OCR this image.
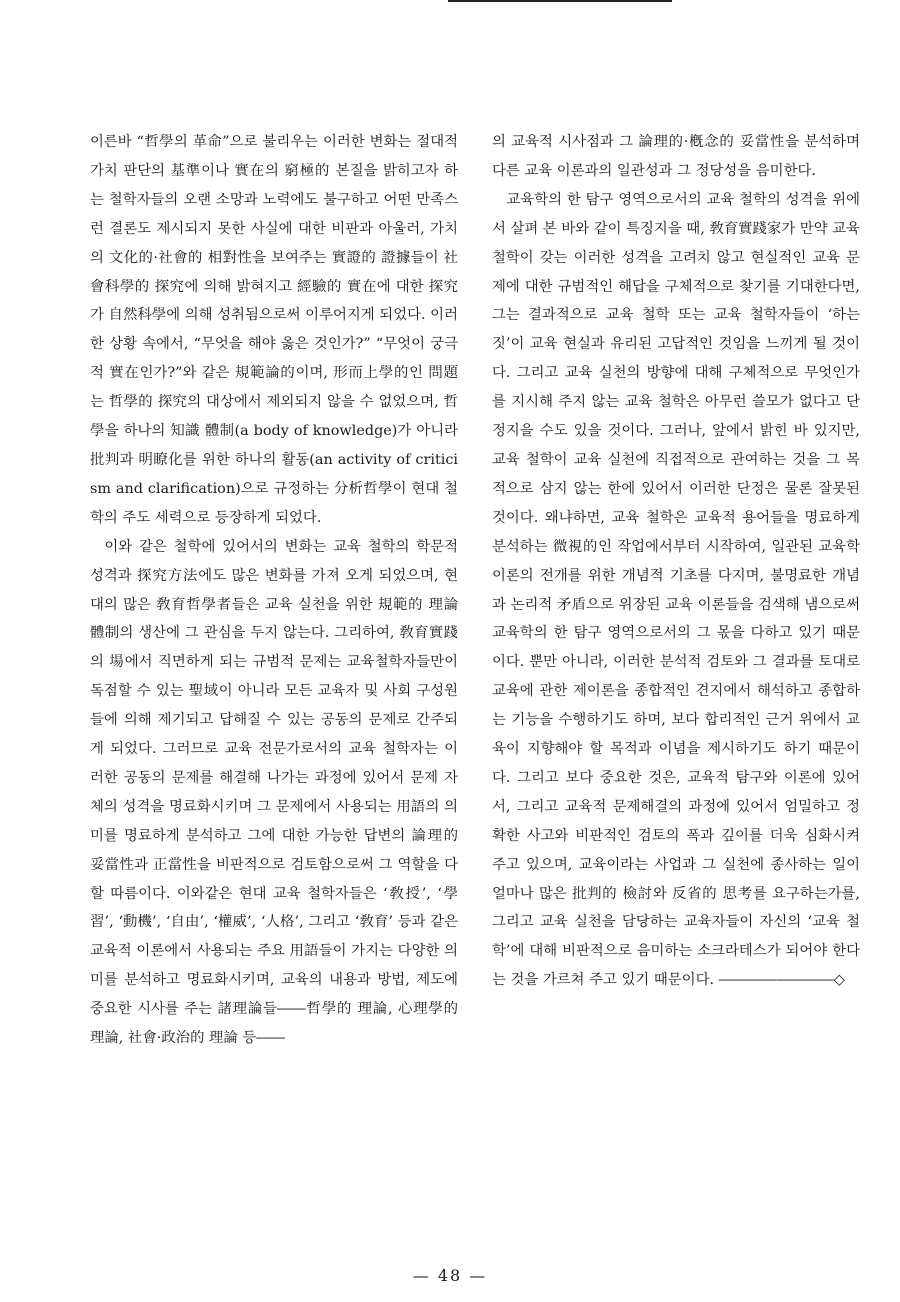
이른바 “哲學의 革命”으로 불리우는 이러한 변화는 절대적 가치 판단의 基準이나 實在의 窮極的 본질을 밝히고자 하는 철학자들의 오랜 소망과 노력에도 불구하고 어떤 만족스런 결론도 제시되지 못한 사실에 대한 비판과 아울러, 가치의 文化的·社會的 相對性을 보여주는 實證的 證據들이 社會科學的 探究에 의해 밝혀지고 經驗的 實在에 대한 探究가 自然科學에 의해 성취됨으로써 이루어지게 되었다. 이러한 상황 속에서, “무엇을 해야 옳은 것인가?” “무엇이 궁극적 實在인가?”와 같은 規範論的이며, 形而上學的인 問題는 哲學的 探究의 대상에서 제외되지 않을 수 없었으며, 哲學을 하나의 知識 體制(a body of knowledge)가 아니라 批判과 明瞭化를 위한 하나의 활동(an activity of criticism and clarification)으로 규정하는 分析哲學이 현대 철학의 주도 세력으로 등장하게 되었다.

이와 같은 철학에 있어서의 변화는 교육 철학의 학문적 성격과 探究方法에도 많은 변화를 가져 오게 되었으며, 현대의 많은 敎育哲學者들은 교육 실천을 위한 規範的 理論體制의 생산에 그 관심을 두지 않는다. 그리하여, 敎育實踐의 場에서 직면하게 되는 규범적 문제는 교육철학자들만이 독점할 수 있는 聖域이 아니라 모든 교육자 및 사회 구성원들에 의해 제기되고 답해질 수 있는 공동의 문제로 간주되게 되었다. 그러므로 교육 전문가로서의 교육 철학자는 이러한 공동의 문제를 해결해 나가는 과정에 있어서 문제 자체의 성격을 명료화시키며 그 문제에서 사용되는 用語의 의미를 명료하게 분석하고 그에 대한 가능한 답변의 論理的 妥當性과 正當性을 비판적으로 검토함으로써 그 역할을 다할 따름이다. 이와같은 현대 교육 철학자들은 ‘敎授’, ‘學習’, ‘動機’, ‘自由’, ‘權威’, ‘人格’, 그리고 ‘敎育’ 등과 같은 교육적 이론에서 사용되는 주요 用語들이 가지는 다양한 의미를 분석하고 명료화시키며, 교육의 내용과 방법, 제도에 중요한 시사를 주는 諸理論들――哲學的 理論, 心理學的 理論, 社會·政治的 理論 등――

의 교육적 시사점과 그 論理的·槪念的 妥當性을 분석하며 다른 교육 이론과의 일관성과 그 정당성을 음미한다.

교육학의 한 탐구 영역으로서의 교육 철학의 성격을 위에서 살펴 본 바와 같이 특징지을 때, 敎育實踐家가 만약 교육 철학이 갖는 이러한 성격을 고려치 않고 현실적인 교육 문제에 대한 규범적인 해답을 구체적으로 찾기를 기대한다면, 그는 결과적으로 교육 철학 또는 교육 철학자들이 ‘하는 짓’이 교육 현실과 유리된 고답적인 것임을 느끼게 될 것이다. 그리고 교육 실천의 방향에 대해 구체적으로 무엇인가를 지시해 주지 않는 교육 철학은 아무런 쓸모가 없다고 단정지을 수도 있을 것이다. 그러나, 앞에서 밝힌 바 있지만, 교육 철학이 교육 실천에 직접적으로 관여하는 것을 그 목적으로 삼지 않는 한에 있어서 이러한 단정은 물론 잘못된 것이다. 왜냐하면, 교육 철학은 교육적 용어들을 명료하게 분석하는 微視的인 작업에서부터 시작하여, 일관된 교육학 이론의 전개를 위한 개념적 기초를 다지며, 불명료한 개념과 논리적 矛盾으로 위장된 교육 이론들을 검색해 냄으로써 교육학의 한 탐구 영역으로서의 그 몫을 다하고 있기 때문이다. 뿐만 아니라, 이러한 분석적 검토와 그 결과를 토대로 교육에 관한 제이론을 종합적인 견지에서 해석하고 종합하는 기능을 수행하기도 하며, 보다 합리적인 근거 위에서 교육이 지향해야 할 목적과 이념을 제시하기도 하기 때문이다. 그리고 보다 중요한 것은, 교육적 탐구와 이론에 있어서, 그리고 교육적 문제해결의 과정에 있어서 엄밀하고 정확한 사고와 비판적인 검토의 폭과 깊이를 더욱 심화시켜 주고 있으며, 교육이라는 사업과 그 실천에 종사하는 일이 얼마나 많은 批判的 檢討와 反省的 思考를 요구하는가를, 그리고 교육 실천을 담당하는 교육자들이 자신의 ‘교육 철학’에 대해 비판적으로 음미하는 소크라테스가 되어야 한다는 것을 가르쳐 주고 있기 때문이다. ――――――――◇

— 48 —
